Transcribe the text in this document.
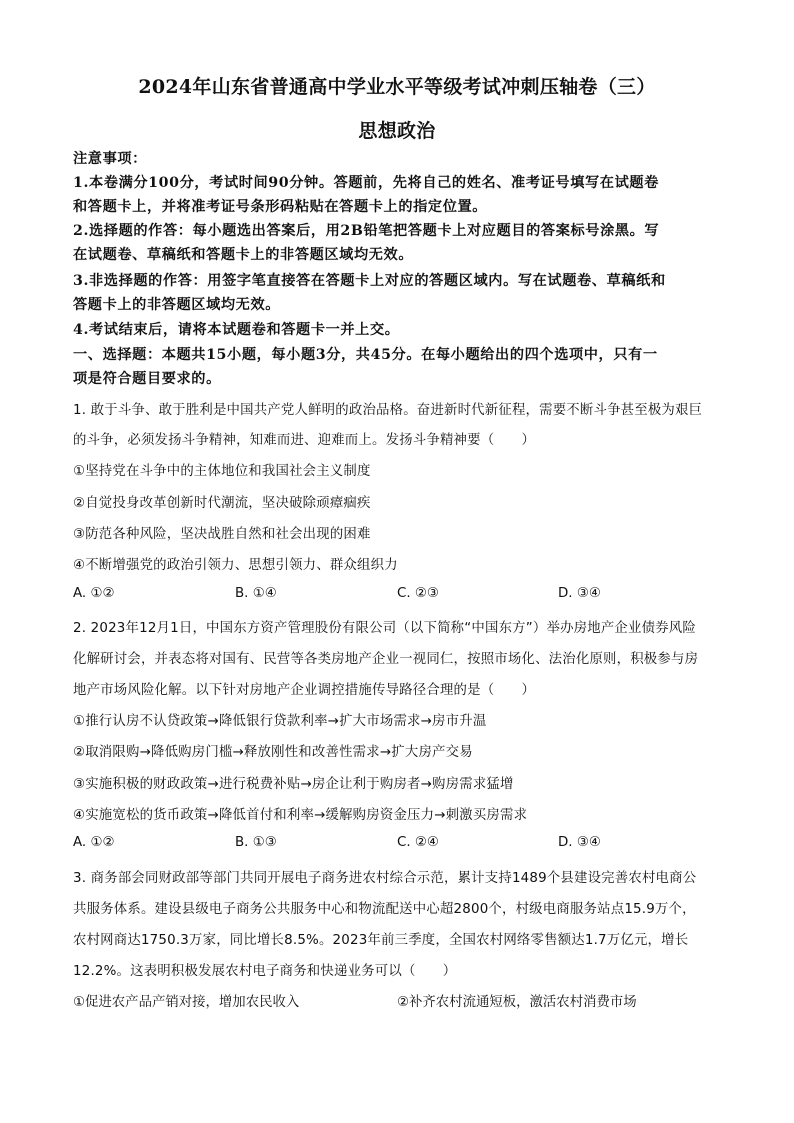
2024年山东省普通高中学业水平等级考试冲刺压轴卷（三）
思想政治
注意事项：
1.本卷满分100分，考试时间90分钟。答题前，先将自己的姓名、准考证号填写在试题卷
和答题卡上，并将准考证号条形码粘贴在答题卡上的指定位置。
2.选择题的作答：每小题选出答案后，用2B铅笔把答题卡上对应题目的答案标号涂黑。写
在试题卷、草稿纸和答题卡上的非答题区域均无效。
3.非选择题的作答：用签字笔直接答在答题卡上对应的答题区域内。写在试题卷、草稿纸和
答题卡上的非答题区域均无效。
4.考试结束后，请将本试题卷和答题卡一并上交。
一、选择题：本题共15小题，每小题3分，共45分。在每小题给出的四个选项中，只有一
项是符合题目要求的。
1. 敢于斗争、敢于胜利是中国共产党人鲜明的政治品格。奋进新时代新征程，需要不断斗争甚至极为艰巨
的斗争，必须发扬斗争精神，知难而进、迎难而上。发扬斗争精神要（　　）
①坚持党在斗争中的主体地位和我国社会主义制度
②自觉投身改革创新时代潮流，坚决破除顽瘴痼疾
③防范各种风险，坚决战胜自然和社会出现的困难
④不断增强党的政治引领力、思想引领力、群众组织力
A. ①②	B. ①④	C. ②③	D. ③④
2. 2023年12月1日，中国东方资产管理股份有限公司（以下简称“中国东方”）举办房地产企业债券风险
化解研讨会，并表态将对国有、民营等各类房地产企业一视同仁，按照市场化、法治化原则，积极参与房
地产市场风险化解。以下针对房地产企业调控措施传导路径合理的是（　　）
①推行认房不认贷政策→降低银行贷款利率→扩大市场需求→房市升温
②取消限购→降低购房门槛→释放刚性和改善性需求→扩大房产交易
③实施积极的财政政策→进行税费补贴→房企让利于购房者→购房需求猛增
④实施宽松的货币政策→降低首付和利率→缓解购房资金压力→刺激买房需求
A. ①②	B. ①③	C. ②④	D. ③④
3. 商务部会同财政部等部门共同开展电子商务进农村综合示范，累计支持1489个县建设完善农村电商公
共服务体系。建设县级电子商务公共服务中心和物流配送中心超2800个，村级电商服务站点15.9万个，
农村网商达1750.3万家，同比增长8.5%。2023年前三季度，全国农村网络零售额达1.7万亿元，增长
12.2%。这表明积极发展农村电子商务和快递业务可以（　　）
①促进农产品产销对接，增加农民收入	②补齐农村流通短板，激活农村消费市场
